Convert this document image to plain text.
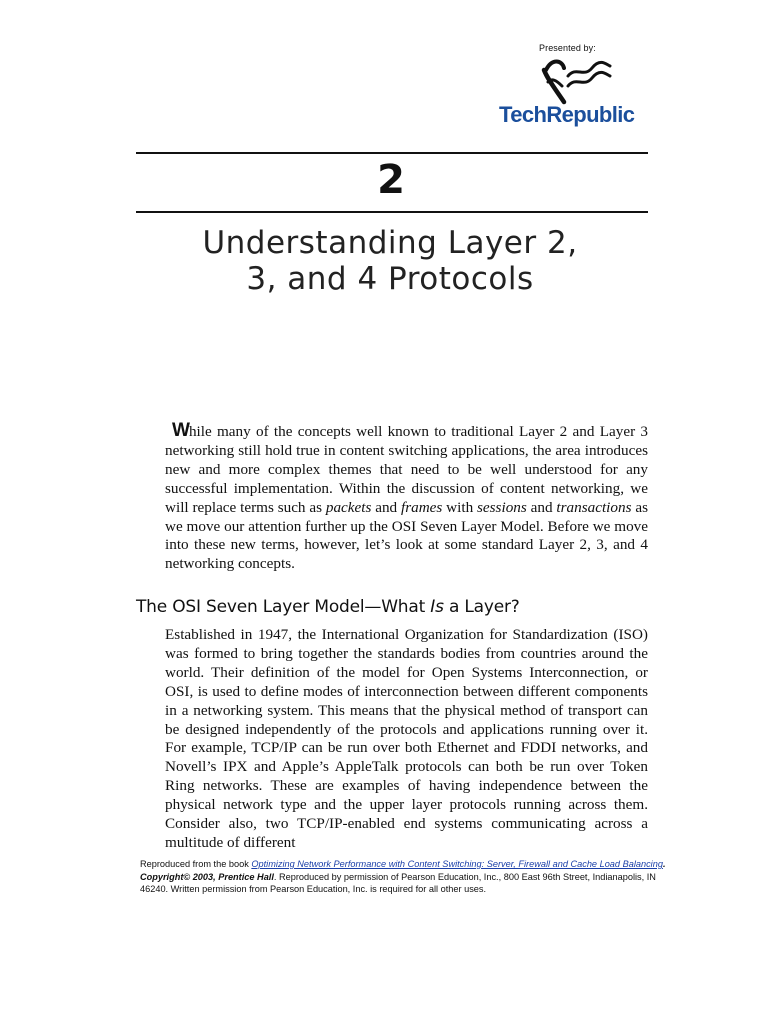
Presented by:
TechRepublic
2
Understanding Layer 2,
3, and 4 Protocols
While many of the concepts well known to traditional Layer 2 and Layer 3 networking still hold true in content switching applications, the area introduces new and more complex themes that need to be well understood for any successful implementation. Within the discussion of content networking, we will replace terms such as packets and frames with sessions and transactions as we move our attention further up the OSI Seven Layer Model. Before we move into these new terms, however, let’s look at some standard Layer 2, 3, and 4 networking concepts.
The OSI Seven Layer Model—What Is a Layer?
Established in 1947, the International Organization for Standardization (ISO) was formed to bring together the standards bodies from countries around the world. Their definition of the model for Open Systems Interconnection, or OSI, is used to define modes of interconnection between different components in a networking system. This means that the physical method of transport can be designed independently of the protocols and applications running over it. For example, TCP/IP can be run over both Ethernet and FDDI networks, and Novell’s IPX and Apple’s AppleTalk protocols can both be run over Token Ring networks. These are examples of having independence between the physical network type and the upper layer protocols running across them. Consider also, two TCP/IP-enabled end systems communicating across a multitude of different
Reproduced from the book Optimizing Network Performance with Content Switching: Server, Firewall and Cache Load Balancing. Copyright© 2003, Prentice Hall. Reproduced by permission of Pearson Education, Inc., 800 East 96th Street, Indianapolis, IN 46240. Written permission from Pearson Education, Inc. is required for all other uses.
